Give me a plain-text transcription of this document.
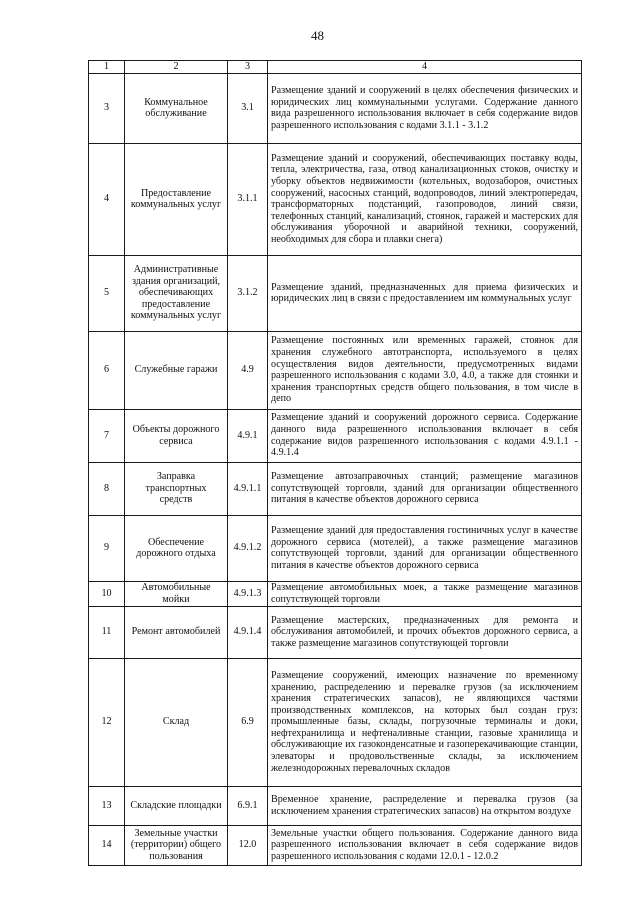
48
1	2	3	4
3	Коммунальное обслуживание	3.1	Размещение зданий и сооружений в целях обеспечения физических и юридических лиц коммунальными услугами. Содержание данного вида разрешенного использования включает в себя содержание видов разрешенного использования с кодами 3.1.1 - 3.1.2
4	Предоставление коммунальных услуг	3.1.1	Размещение зданий и сооружений, обеспечивающих поставку воды, тепла, электричества, газа, отвод канализационных стоков, очистку и уборку объектов недвижимости (котельных, водозаборов, очистных сооружений, насосных станций, водопроводов, линий электропередач, трансформаторных подстанций, газопроводов, линий связи, телефонных станций, канализаций, стоянок, гаражей и мастерских для обслуживания уборочной и аварийной техники, сооружений, необходимых для сбора и плавки снега)
5	Административные здания организаций, обеспечивающих предоставление коммунальных услуг	3.1.2	Размещение зданий, предназначенных для приема физических и юридических лиц в связи с предоставлением им коммунальных услуг
6	Служебные гаражи	4.9	Размещение постоянных или временных гаражей, стоянок для хранения служебного автотранспорта, используемого в целях осуществления видов деятельности, предусмотренных видами разрешенного использования с кодами 3.0, 4.0, а также для стоянки и хранения транспортных средств общего пользования, в том числе в депо
7	Объекты дорожного сервиса	4.9.1	Размещение зданий и сооружений дорожного сервиса. Содержание данного вида разрешенного использования включает в себя содержание видов разрешенного использования с кодами 4.9.1.1 - 4.9.1.4
8	Заправка транспортных средств	4.9.1.1	Размещение автозаправочных станций; размещение магазинов сопутствующей торговли, зданий для организации общественного питания в качестве объектов дорожного сервиса
9	Обеспечение дорожного отдыха	4.9.1.2	Размещение зданий для предоставления гостиничных услуг в качестве дорожного сервиса (мотелей), а также размещение магазинов сопутствующей торговли, зданий для организации общественного питания в качестве объектов дорожного сервиса
10	Автомобильные мойки	4.9.1.3	Размещение автомобильных моек, а также размещение магазинов сопутствующей торговли
11	Ремонт автомобилей	4.9.1.4	Размещение мастерских, предназначенных для ремонта и обслуживания автомобилей, и прочих объектов дорожного сервиса, а также размещение магазинов сопутствующей торговли
12	Склад	6.9	Размещение сооружений, имеющих назначение по временному хранению, распределению и перевалке грузов (за исключением хранения стратегических запасов), не являющихся частями производственных комплексов, на которых был создан груз: промышленные базы, склады, погрузочные терминалы и доки, нефтехранилища и нефтеналивные станции, газовые хранилища и обслуживающие их газоконденсатные и газоперекачивающие станции, элеваторы и продовольственные склады, за исключением железнодорожных перевалочных складов
13	Складские площадки	6.9.1	Временное хранение, распределение и перевалка грузов (за исключением хранения стратегических запасов) на открытом воздухе
14	Земельные участки (территории) общего пользования	12.0	Земельные участки общего пользования. Содержание данного вида разрешенного использования включает в себя содержание видов разрешенного использования с кодами 12.0.1 - 12.0.2
